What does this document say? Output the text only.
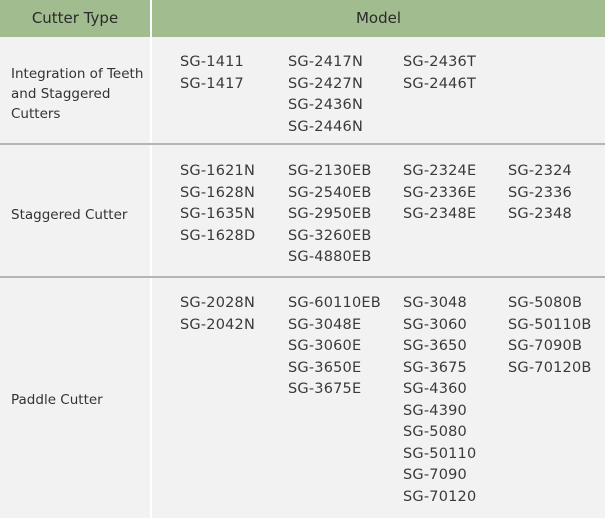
Cutter Type	Model
Integration of Teeth
and Staggered
Cutters
SG-1411
SG-1417
SG-2417N
SG-2427N
SG-2436N
SG-2446N
SG-2436T
SG-2446T
Staggered Cutter
SG-1621N
SG-1628N
SG-1635N
SG-1628D
SG-2130EB
SG-2540EB
SG-2950EB
SG-3260EB
SG-4880EB
SG-2324E
SG-2336E
SG-2348E
SG-2324
SG-2336
SG-2348
Paddle Cutter
SG-2028N
SG-2042N
SG-60110EB
SG-3048E
SG-3060E
SG-3650E
SG-3675E
SG-3048
SG-3060
SG-3650
SG-3675
SG-4360
SG-4390
SG-5080
SG-50110
SG-7090
SG-70120
SG-5080B
SG-50110B
SG-7090B
SG-70120B
